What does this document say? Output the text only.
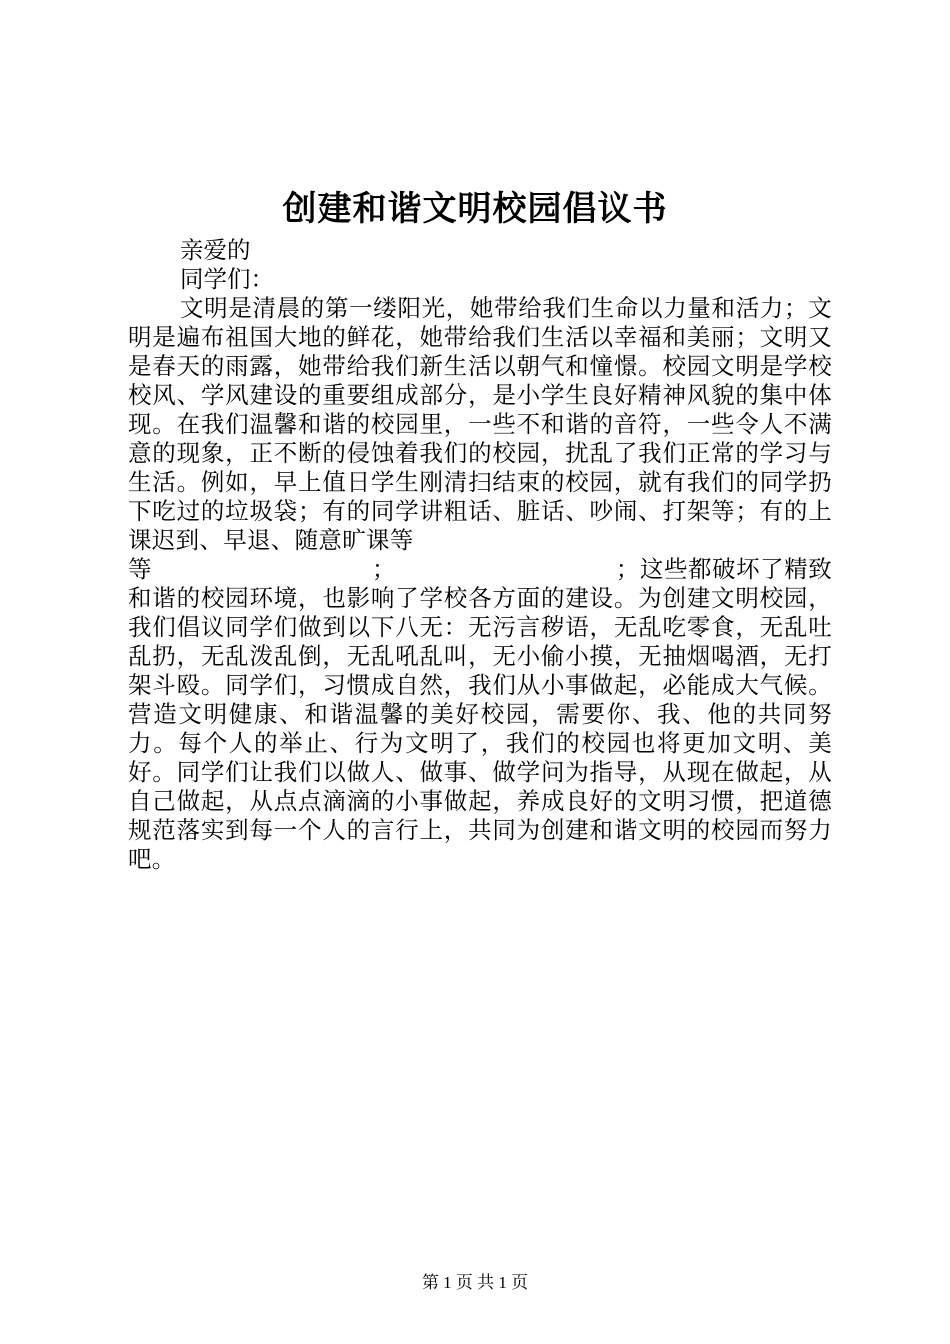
创建和谐文明校园倡议书

亲爱的

同学们：

文明是清晨的第一缕阳光，她带给我们生命以力量和活力；文明是遍布祖国大地的鲜花，她带给我们生活以幸福和美丽；文明又是春天的雨露，她带给我们新生活以朝气和憧憬。校园文明是学校校风、学风建设的重要组成部分，是小学生良好精神风貌的集中体现。在我们温馨和谐的校园里，一些不和谐的音符，一些令人不满意的现象，正不断的侵蚀着我们的校园，扰乱了我们正常的学习与生活。例如，早上值日学生刚清扫结束的校园，就有我们的同学扔下吃过的垃圾袋；有的同学讲粗话、脏话、吵闹、打架等；有的上课迟到、早退、随意旷课等
等	；	；这些都破坏了精致和谐的校园环境，也影响了学校各方面的建设。为创建文明校园，我们倡议同学们做到以下八无：无污言秽语，无乱吃零食，无乱吐乱扔，无乱泼乱倒，无乱吼乱叫，无小偷小摸，无抽烟喝酒，无打架斗殴。同学们，习惯成自然，我们从小事做起，必能成大气候。营造文明健康、和谐温馨的美好校园，需要你、我、他的共同努力。每个人的举止、行为文明了，我们的校园也将更加文明、美好。同学们让我们以做人、做事、做学问为指导，从现在做起，从自己做起，从点点滴滴的小事做起，养成良好的文明习惯，把道德规范落实到每一个人的言行上，共同为创建和谐文明的校园而努力吧。

第 1 页 共 1 页
